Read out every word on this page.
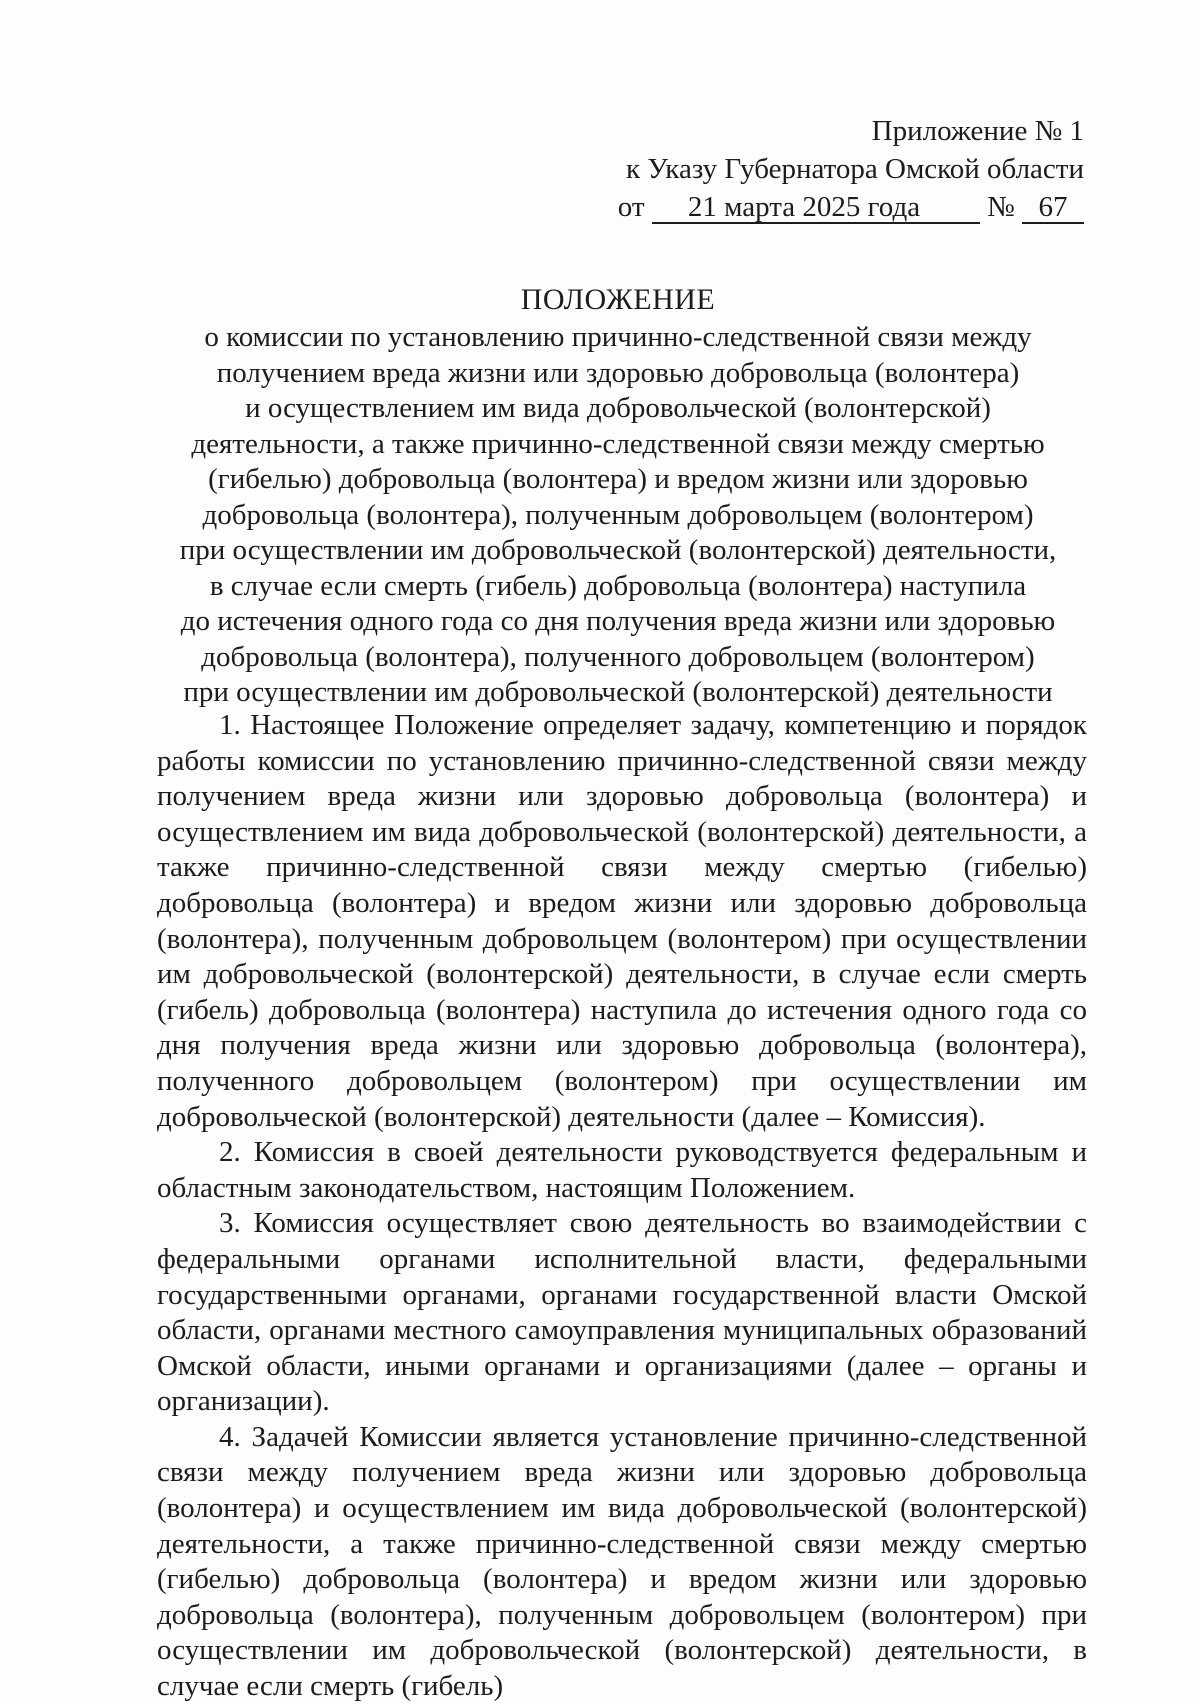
Приложение № 1
к Указу Губернатора Омской области
от 21 марта 2025 года № 67
ПОЛОЖЕНИЕ
о комиссии по установлению причинно-следственной связи между
получением вреда жизни или здоровью добровольца (волонтера)
и осуществлением им вида добровольческой (волонтерской)
деятельности, а также причинно-следственной связи между смертью
(гибелью) добровольца (волонтера) и вредом жизни или здоровью
добровольца (волонтера), полученным добровольцем (волонтером)
при осуществлении им добровольческой (волонтерской) деятельности,
в случае если смерть (гибель) добровольца (волонтера) наступила
до истечения одного года со дня получения вреда жизни или здоровью
добровольца (волонтера), полученного добровольцем (волонтером)
при осуществлении им добровольческой (волонтерской) деятельности

1. Настоящее Положение определяет задачу, компетенцию и порядок работы комиссии по установлению причинно-следственной связи между получением вреда жизни или здоровью добровольца (волонтера) и осуществлением им вида добровольческой (волонтерской) деятельности, а также причинно-следственной связи между смертью (гибелью) добровольца (волонтера) и вредом жизни или здоровью добровольца (волонтера), полученным добровольцем (волонтером) при осуществлении им добровольческой (волонтерской) деятельности, в случае если смерть (гибель) добровольца (волонтера) наступила до истечения одного года со дня получения вреда жизни или здоровью добровольца (волонтера), полученного добровольцем (волонтером) при осуществлении им добровольческой (волонтерской) деятельности (далее – Комиссия).

2. Комиссия в своей деятельности руководствуется федеральным и областным законодательством, настоящим Положением.

3. Комиссия осуществляет свою деятельность во взаимодействии с федеральными органами исполнительной власти, федеральными государственными органами, органами государственной власти Омской области, органами местного самоуправления муниципальных образований Омской области, иными органами и организациями (далее – органы и организации).

4. Задачей Комиссии является установление причинно-следственной связи между получением вреда жизни или здоровью добровольца (волонтера) и осуществлением им вида добровольческой (волонтерской) деятельности, а также причинно-следственной связи между смертью (гибелью) добровольца (волонтера) и вредом жизни или здоровью добровольца (волонтера), полученным добровольцем (волонтером) при осуществлении им добровольческой (волонтерской) деятельности, в случае если смерть (гибель)
